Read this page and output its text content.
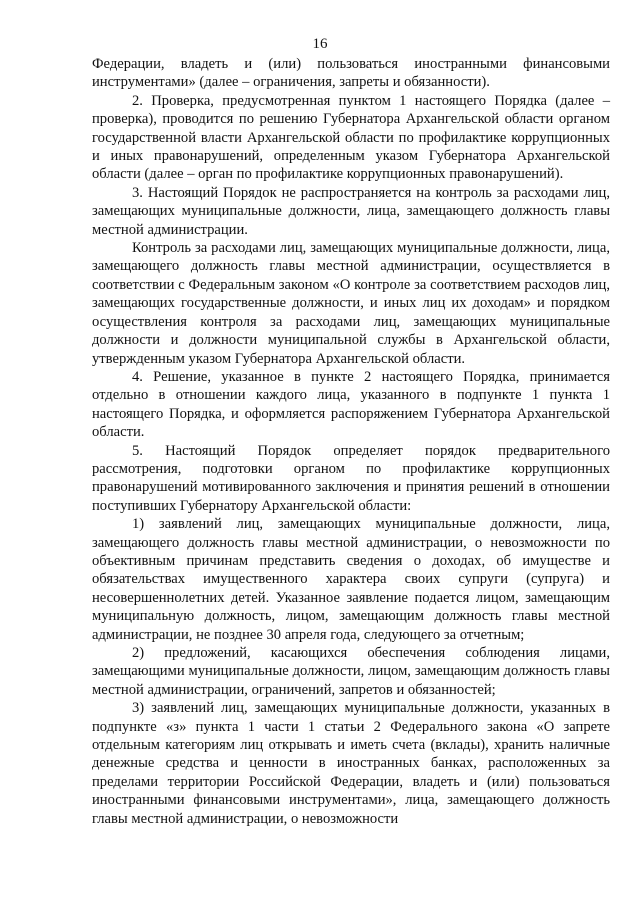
16

Федерации, владеть и (или) пользоваться иностранными финансовыми инструментами» (далее – ограничения, запреты и обязанности).

2. Проверка, предусмотренная пунктом 1 настоящего Порядка (далее – проверка), проводится по решению Губернатора Архангельской области органом государственной власти Архангельской области по профилактике коррупционных и иных правонарушений, определенным указом Губернатора Архангельской области (далее – орган по профилактике коррупционных правонарушений).

3. Настоящий Порядок не распространяется на контроль за расходами лиц, замещающих муниципальные должности, лица, замещающего должность главы местной администрации.

Контроль за расходами лиц, замещающих муниципальные должности, лица, замещающего должность главы местной администрации, осуществляется в соответствии с Федеральным законом «О контроле за соответствием расходов лиц, замещающих государственные должности, и иных лиц их доходам» и порядком осуществления контроля за расходами лиц, замещающих муниципальные должности и должности муниципальной службы в Архангельской области, утвержденным указом Губернатора Архангельской области.

4. Решение, указанное в пункте 2 настоящего Порядка, принимается отдельно в отношении каждого лица, указанного в подпункте 1 пункта 1 настоящего Порядка, и оформляется распоряжением Губернатора Архангельской области.

5. Настоящий Порядок определяет порядок предварительного рассмотрения, подготовки органом по профилактике коррупционных правонарушений мотивированного заключения и принятия решений в отношении поступивших Губернатору Архангельской области:

1) заявлений лиц, замещающих муниципальные должности, лица, замещающего должность главы местной администрации, о невозможности по объективным причинам представить сведения о доходах, об имуществе и обязательствах имущественного характера своих супруги (супруга) и несовершеннолетних детей. Указанное заявление подается лицом, замещающим муниципальную должность, лицом, замещающим должность главы местной администрации, не позднее 30 апреля года, следующего за отчетным;

2) предложений, касающихся обеспечения соблюдения лицами, замещающими муниципальные должности, лицом, замещающим должность главы местной администрации, ограничений, запретов и обязанностей;

3) заявлений лиц, замещающих муниципальные должности, указанных в подпункте «з» пункта 1 части 1 статьи 2 Федерального закона «О запрете отдельным категориям лиц открывать и иметь счета (вклады), хранить наличные денежные средства и ценности в иностранных банках, расположенных за пределами территории Российской Федерации, владеть и (или) пользоваться иностранными финансовыми инструментами», лица, замещающего должность главы местной администрации, о невозможности
